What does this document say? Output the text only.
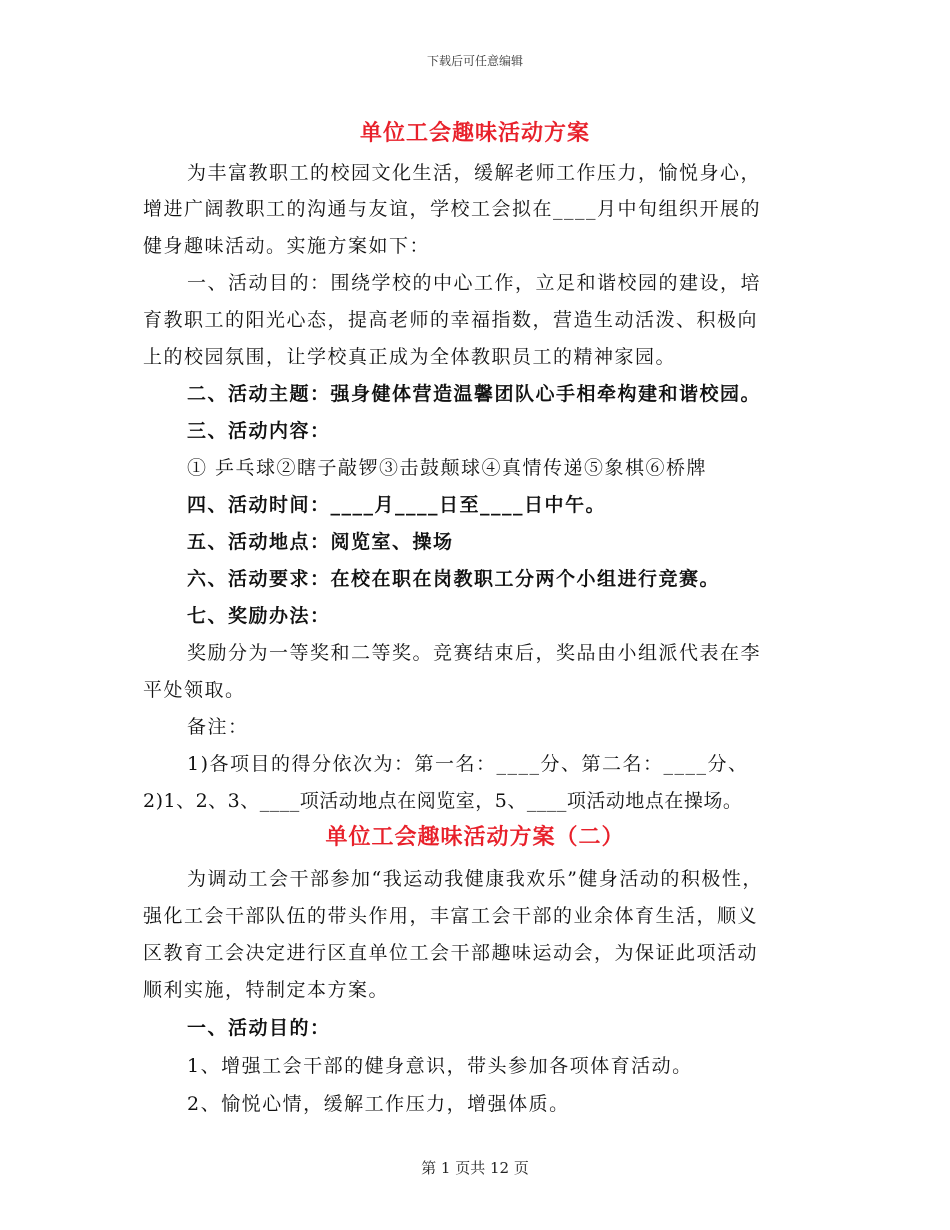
下载后可任意编辑
单位工会趣味活动方案
为丰富教职工的校园文化生活，缓解老师工作压力，愉悦身心，
增进广阔教职工的沟通与友谊，学校工会拟在____月中旬组织开展的
健身趣味活动。实施方案如下：
一、活动目的：围绕学校的中心工作，立足和谐校园的建设，培
育教职工的阳光心态，提高老师的幸福指数，营造生动活泼、积极向
上的校园氛围，让学校真正成为全体教职员工的精神家园。
二、活动主题：强身健体营造温馨团队心手相牵构建和谐校园。
三、活动内容：
① 乒乓球②瞎子敲锣③击鼓颠球④真情传递⑤象棋⑥桥牌
四、活动时间：____月____日至____日中午。
五、活动地点：阅览室、操场
六、活动要求：在校在职在岗教职工分两个小组进行竞赛。
七、奖励办法：
奖励分为一等奖和二等奖。竞赛结束后，奖品由小组派代表在李
平处领取。
备注：
1)各项目的得分依次为：第一名：____分、第二名：____分、
2)1、2、3、____项活动地点在阅览室，5、____项活动地点在操场。
单位工会趣味活动方案（二）
为调动工会干部参加“我运动我健康我欢乐”健身活动的积极性，
强化工会干部队伍的带头作用，丰富工会干部的业余体育生活，顺义
区教育工会决定进行区直单位工会干部趣味运动会，为保证此项活动
顺利实施，特制定本方案。
一、活动目的：
1、增强工会干部的健身意识，带头参加各项体育活动。
2、愉悦心情，缓解工作压力，增强体质。
第 1 页共 12 页
